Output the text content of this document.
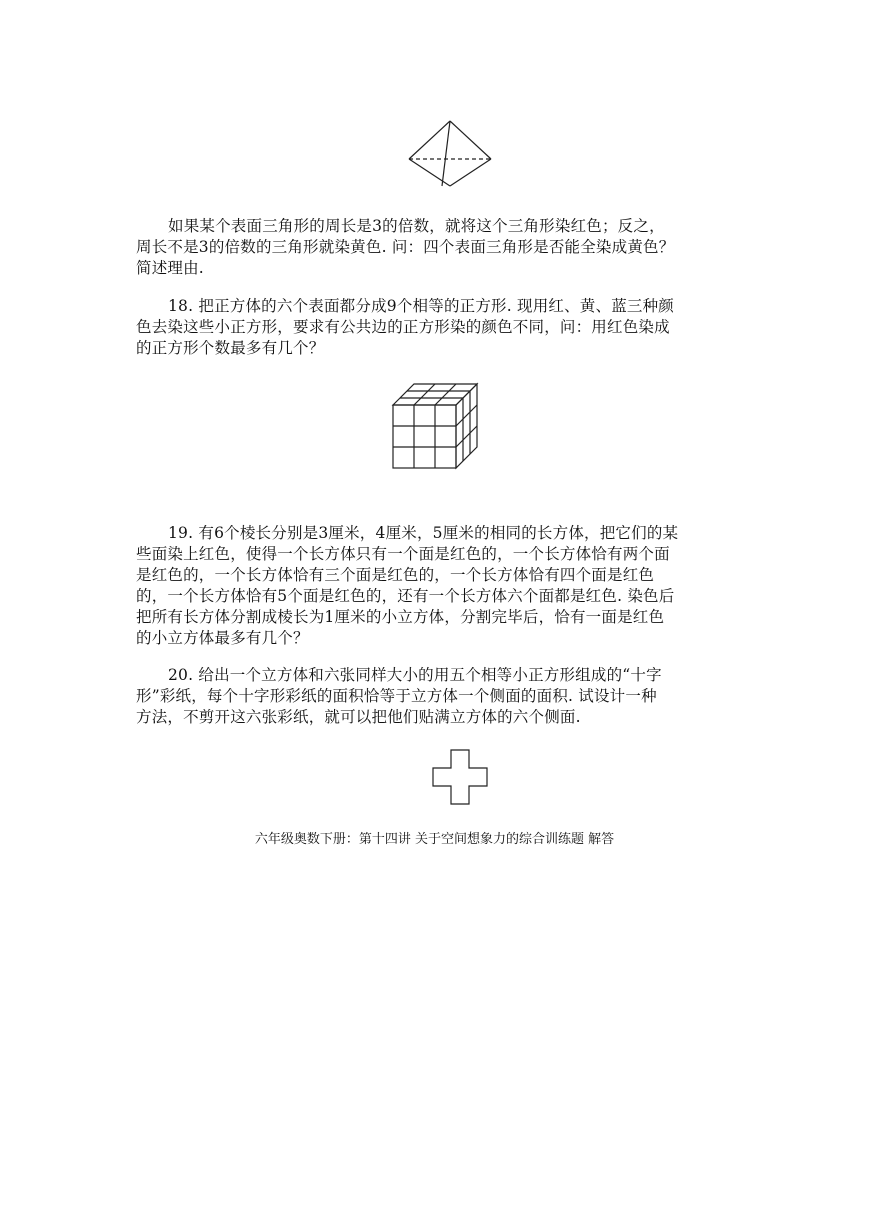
如果某个表面三角形的周长是3的倍数，就将这个三角形染红色；反之，
周长不是3的倍数的三角形就染黄色. 问：四个表面三角形是否能全染成黄色？
简述理由.
18. 把正方体的六个表面都分成9个相等的正方形. 现用红、黄、蓝三种颜
色去染这些小正方形，要求有公共边的正方形染的颜色不同，问：用红色染成
的正方形个数最多有几个？
19. 有6个棱长分别是3厘米，4厘米，5厘米的相同的长方体，把它们的某
些面染上红色，使得一个长方体只有一个面是红色的，一个长方体恰有两个面
是红色的，一个长方体恰有三个面是红色的，一个长方体恰有四个面是红色
的，一个长方体恰有5个面是红色的，还有一个长方体六个面都是红色. 染色后
把所有长方体分割成棱长为1厘米的小立方体，分割完毕后，恰有一面是红色
的小立方体最多有几个？
20. 给出一个立方体和六张同样大小的用五个相等小正方形组成的“十字
形”彩纸，每个十字形彩纸的面积恰等于立方体一个侧面的面积. 试设计一种
方法，不剪开这六张彩纸，就可以把他们贴满立方体的六个侧面.
六年级奥数下册：第十四讲 关于空间想象力的综合训练题 解答
